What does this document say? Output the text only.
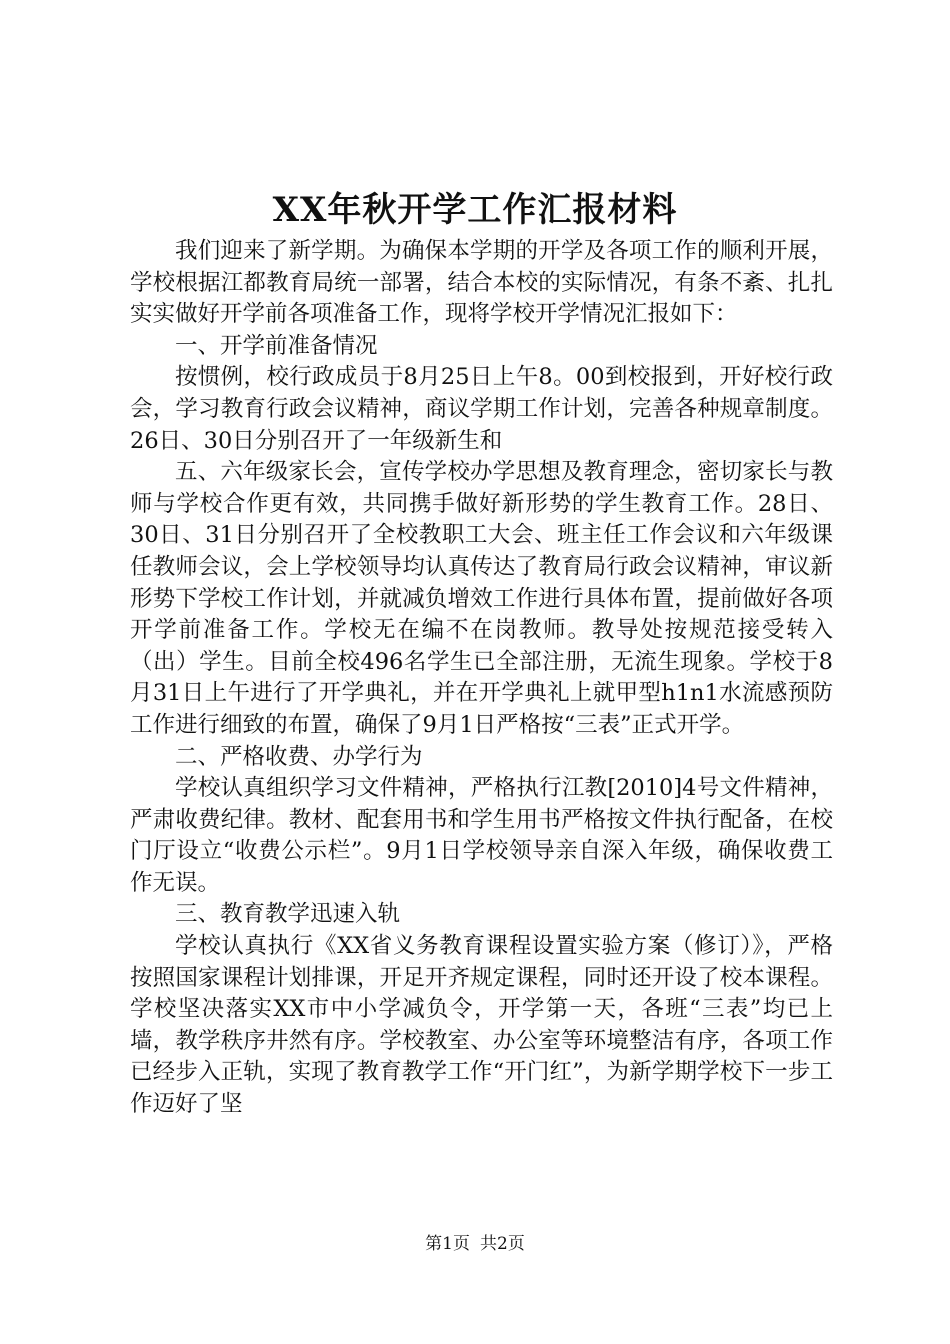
XX年秋开学工作汇报材料

我们迎来了新学期。为确保本学期的开学及各项工作的顺利开展，学校根据江都教育局统一部署，结合本校的实际情况，有条不紊、扎扎实实做好开学前各项准备工作，现将学校开学情况汇报如下：

一、开学前准备情况

按惯例，校行政成员于8月25日上午8。00到校报到，开好校行政会，学习教育行政会议精神，商议学期工作计划，完善各种规章制度。26日、30日分别召开了一年级新生和

五、六年级家长会，宣传学校办学思想及教育理念，密切家长与教师与学校合作更有效，共同携手做好新形势的学生教育工作。28日、30日、31日分别召开了全校教职工大会、班主任工作会议和六年级课任教师会议，会上学校领导均认真传达了教育局行政会议精神，审议新形势下学校工作计划，并就减负增效工作进行具体布置，提前做好各项开学前准备工作。学校无在编不在岗教师。教导处按规范接受转入（出）学生。目前全校496名学生已全部注册，无流生现象。学校于8月31日上午进行了开学典礼，并在开学典礼上就甲型h1n1水流感预防工作进行细致的布置，确保了9月1日严格按“三表”正式开学。

二、严格收费、办学行为

学校认真组织学习文件精神，严格执行江教[2010]4号文件精神，严肃收费纪律。教材、配套用书和学生用书严格按文件执行配备，在校门厅设立“收费公示栏”。9月1日学校领导亲自深入年级，确保收费工作无误。

三、教育教学迅速入轨

学校认真执行《XX省义务教育课程设置实验方案（修订）》，严格按照国家课程计划排课，开足开齐规定课程，同时还开设了校本课程。学校坚决落实XX市中小学减负令，开学第一天，各班“三表”均已上墙，教学秩序井然有序。学校教室、办公室等环境整洁有序，各项工作已经步入正轨，实现了教育教学工作“开门红”，为新学期学校下一步工作迈好了坚

第1页 共2页
